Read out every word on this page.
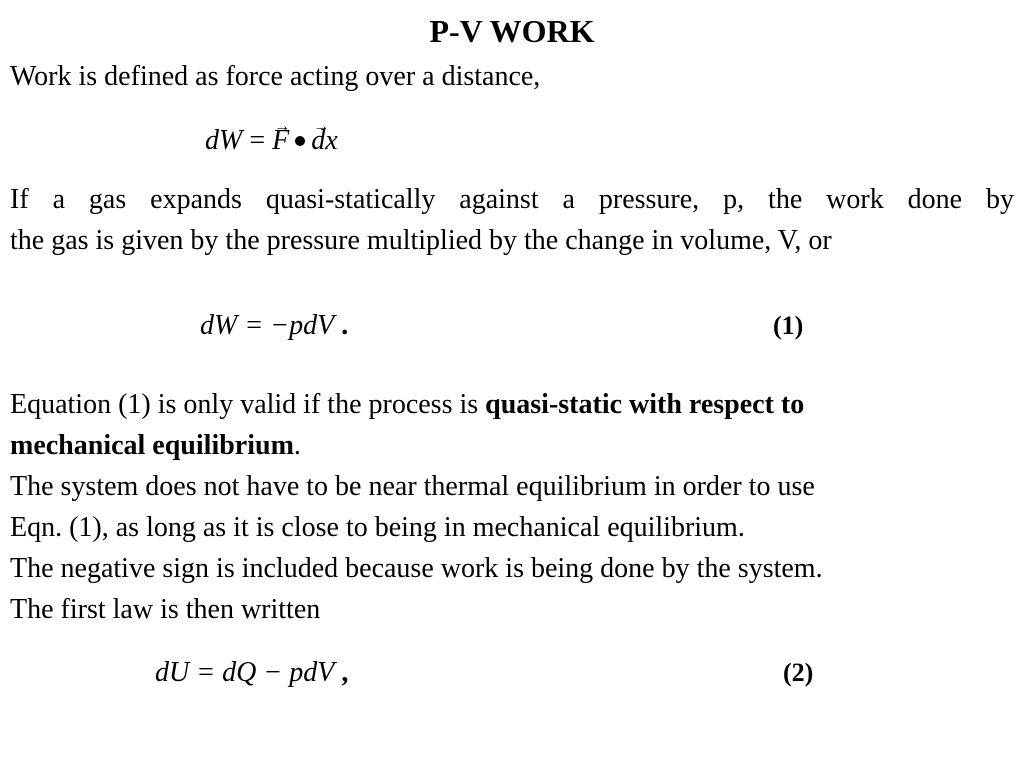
P-V WORK
Work is defined as force acting over a distance,
dW = → F → dx
If a gas expands quasi-statically against a pressure, p, the work done by
the gas is given by the pressure multiplied by the change in volume, V, or
dW = −pdV .	(1)
Equation (1) is only valid if the process is quasi-static with respect to
mechanical equilibrium.
The system does not have to be near thermal equilibrium in order to use
Eqn. (1), as long as it is close to being in mechanical equilibrium.
The negative sign is included because work is being done by the system.
The first law is then written
dU = dQ − pdV ,	(2)
